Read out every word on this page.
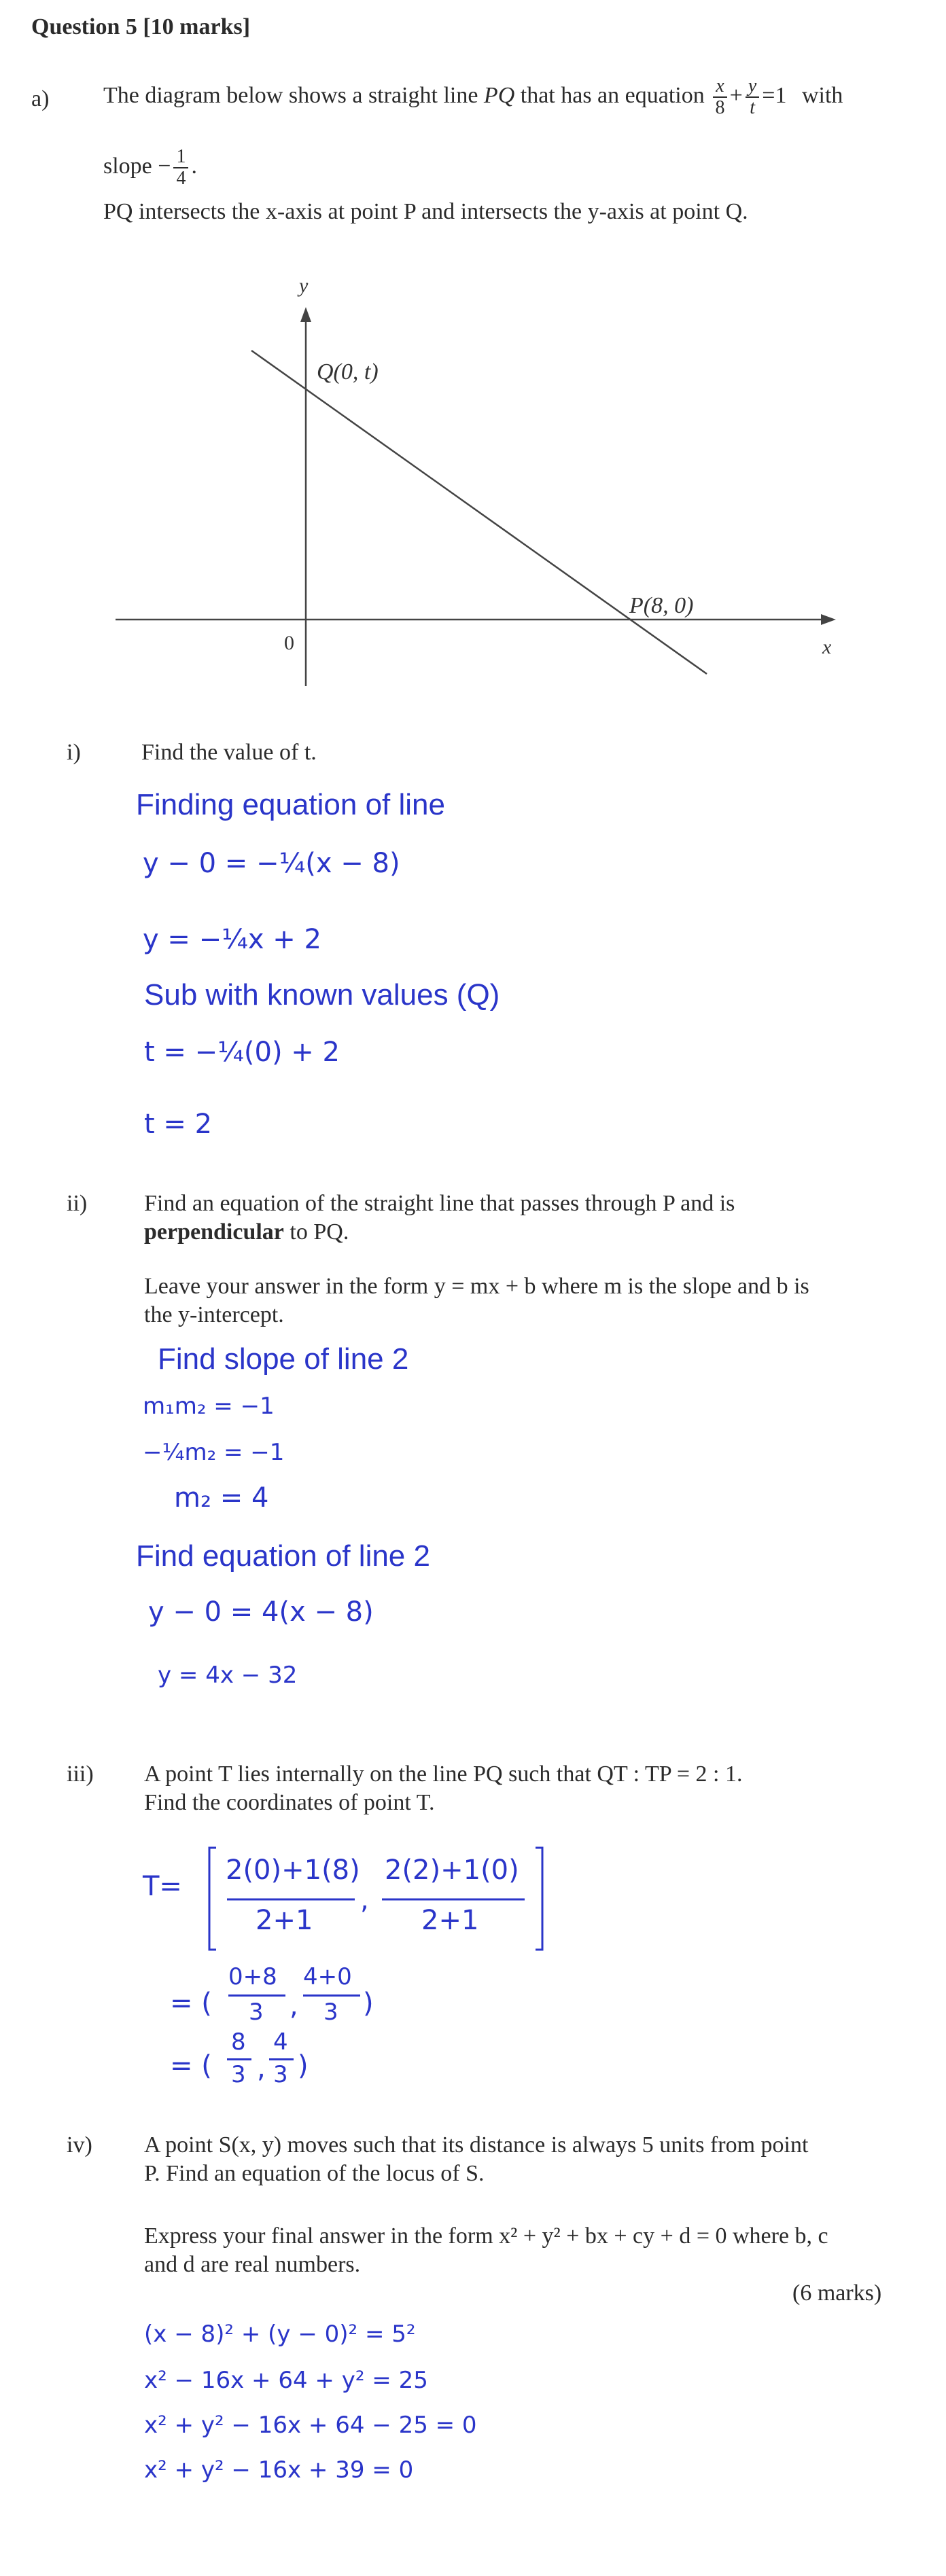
Question 5 [10 marks]
a) The diagram below shows a straight line PQ that has an equation $\frac{x}{8} + \frac{y}{t} =1$ with
slope − $\frac{1}{4}$ .
PQ intersects the x-axis at point P and intersects the y-axis at point Q.
y
x
0
Q(0, t)
P(8, 0)
i)	Find the value of t.
Finding equation of line
y − 0 = −¼(x − 8)
y = −¼x + 2
Sub with known values (Q)
t = −¼(0) + 2
t = 2
ii) Find an equation of the straight line that passes through P and is
perpendicular to PQ.
Leave your answer in the form y = mx + b where m is the slope and b is
the y-intercept.
Find slope of line 2
m₁m₂ = −1
−¼m₂ = −1
m₂ = 4
Find equation of line 2
y − 0 = 4(x − 8)
y = 4x − 32
iii) A point T lies internally on the line PQ such that QT : TP = 2 : 1.
Find the coordinates of point T.
T=
2(0)+1(8)
2+1
,
2(2)+1(0)
2+1
= (
0+8
3 ,
4+0
3 )
= (
8
3 ,
4
3 )
iv) A point S(x, y) moves such that its distance is always 5 units from point
P. Find an equation of the locus of S.
Express your final answer in the form x² + y² + bx + cy + d = 0 where b, c
and d are real numbers.
(6 marks)
(x − 8)² + (y − 0)² = 5²
x² − 16x + 64 + y² = 25
x² + y² − 16x + 64 − 25 = 0
x² + y² − 16x + 39 = 0
